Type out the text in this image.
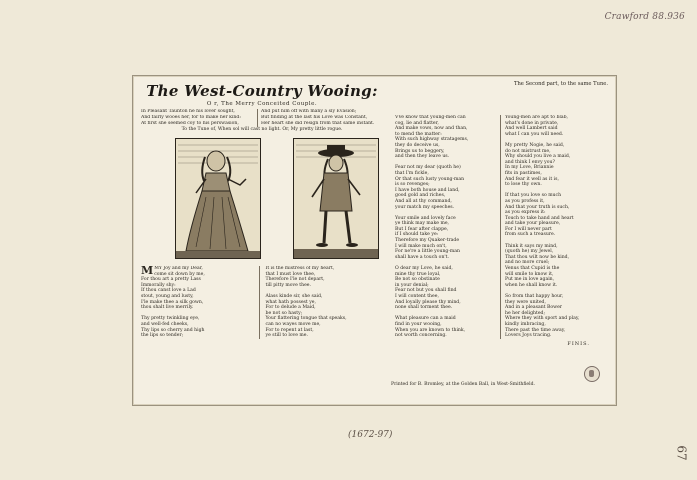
Crawford 88.936
The West-Country Wooing:
O r, The Merry Conceited Couple.
In Pleasant Taunton he his lover sought,	And put him off with many a sly Evasion;
And fairly wooes her, for to make her kind:	But finding at the last his Love was Constant,
At first she seemed coy to his perswasion,	Her heart she did resign from that same instant.
To the Tune of, When sol will cast no light. Or, My pretty little rogue.
MMY Joy and my Dear,
come sit down by me,
For thou art a pretty Lass
Immorally shy:
If thou canst love a Lad
stout, young and lusty,
I'le make thee a silk gown,
thou shalt live merrily.

Thy pretty twinkling eye,
and well-fed cheeks,
Thy lips so cherry and high
the lips so tender;
It is the mistress of my heart,
that I must love thee,
Therefore I'le not depart,
till pitty move thee.

Alass kinde sir, she said,
what hath possest ye,
For to delude a Maid,
be not so hasty;
Your flattering tongue that speaks,
can no wayes move me,
For to repent at last,
ye still to love me.
The Second part, to the same Tune.
VVe know that young-men can
cog, lie and flatter,
And make vows, now and than,
to mend the matter:
With such highway stratagems,
they do deceive us,
Brings us to beggery,
and then they leave us.

Fear not my dear (quoth he)
that I'm fickle,
Or that such lusty young-man
is so revenges;
I have both house and land,
good gold and riches,
And all at thy command,
your match my speeches.

Your smile and lovely face
ye think may make me,
But I fear after clappe,
if I should take ye:
Therefore my Quaker-trade
I will make much on't,
For ne're a little young-man
shall have a touch on't.

O dear my Love, he said,
mine thy true loyal,
Be not so obstinate
in your denial;
Fear not but you shall find
I will content thee,
And loyally please thy mind,
none shall torment thee.

What pleasure can a maid
find in your wooing,
When you are known to think,
not worth concerning.
Young-men are apt to blab,
what's done in private,
And well Lambert said
what I can you will need.

My pretty Nogie, he said,
do not mistrust me,
Why should you live a maid,
and think I envy you?
In my Love, Briannie
fits in pastimes,
And fear it well as it is,
to lose thy own.

If that you love so much
as you profess it,
And that your truth is such,
as you express it:
Touch to take hand and heart
and take your pleasure,
For I will never part
from such a treasure.

Think it says my mind,
(quoth he) my Jewel,
That thou wilt now be kind,
and no more cruel;
Venus that Cupid is the
will smile to know it,
Put me in love again,
when he shall know it.

So from that happy hour,
they were united,
And in a pleasant Bower
he her delighted;
Where they with sport and play,
kindly imbracing,
There past the time away,
Lovers Joys tracing.
FINIS.
Printed for B. Bromley, at the Golden Ball, in West-Smithfield.
(1672-97)
67
